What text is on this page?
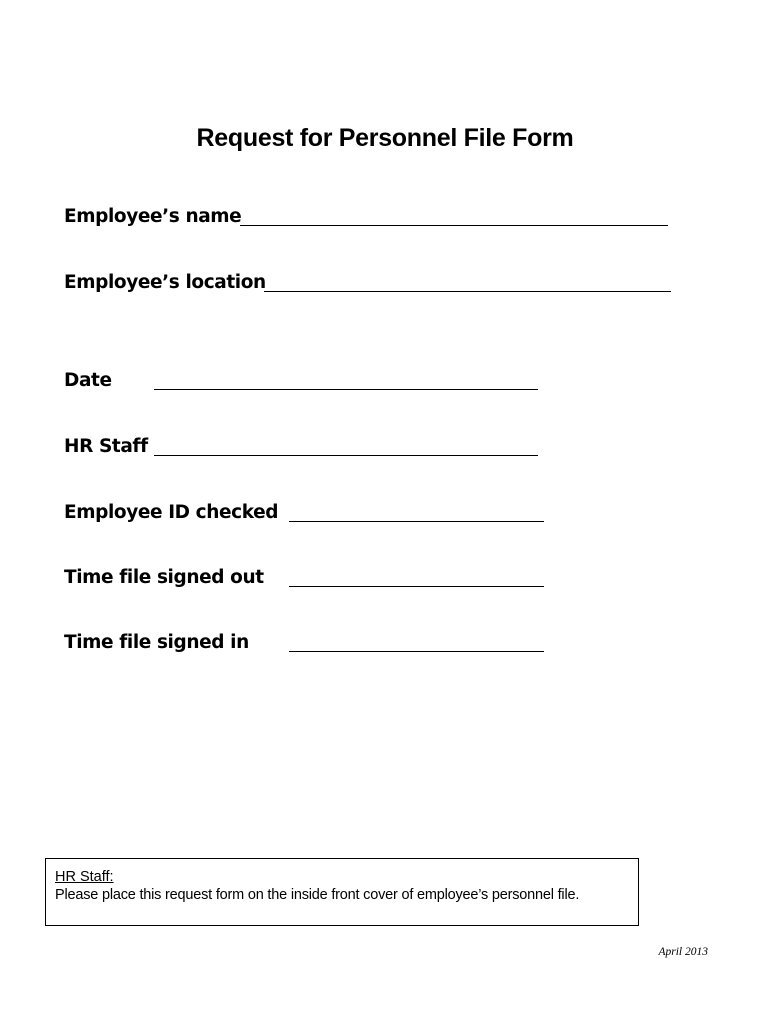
Request for Personnel File Form
Employee’s name
Employee’s location
Date
HR Staff
Employee ID checked
Time file signed out
Time file signed in
HR Staff:
Please place this request form on the inside front cover of employee’s personnel file.
April 2013
